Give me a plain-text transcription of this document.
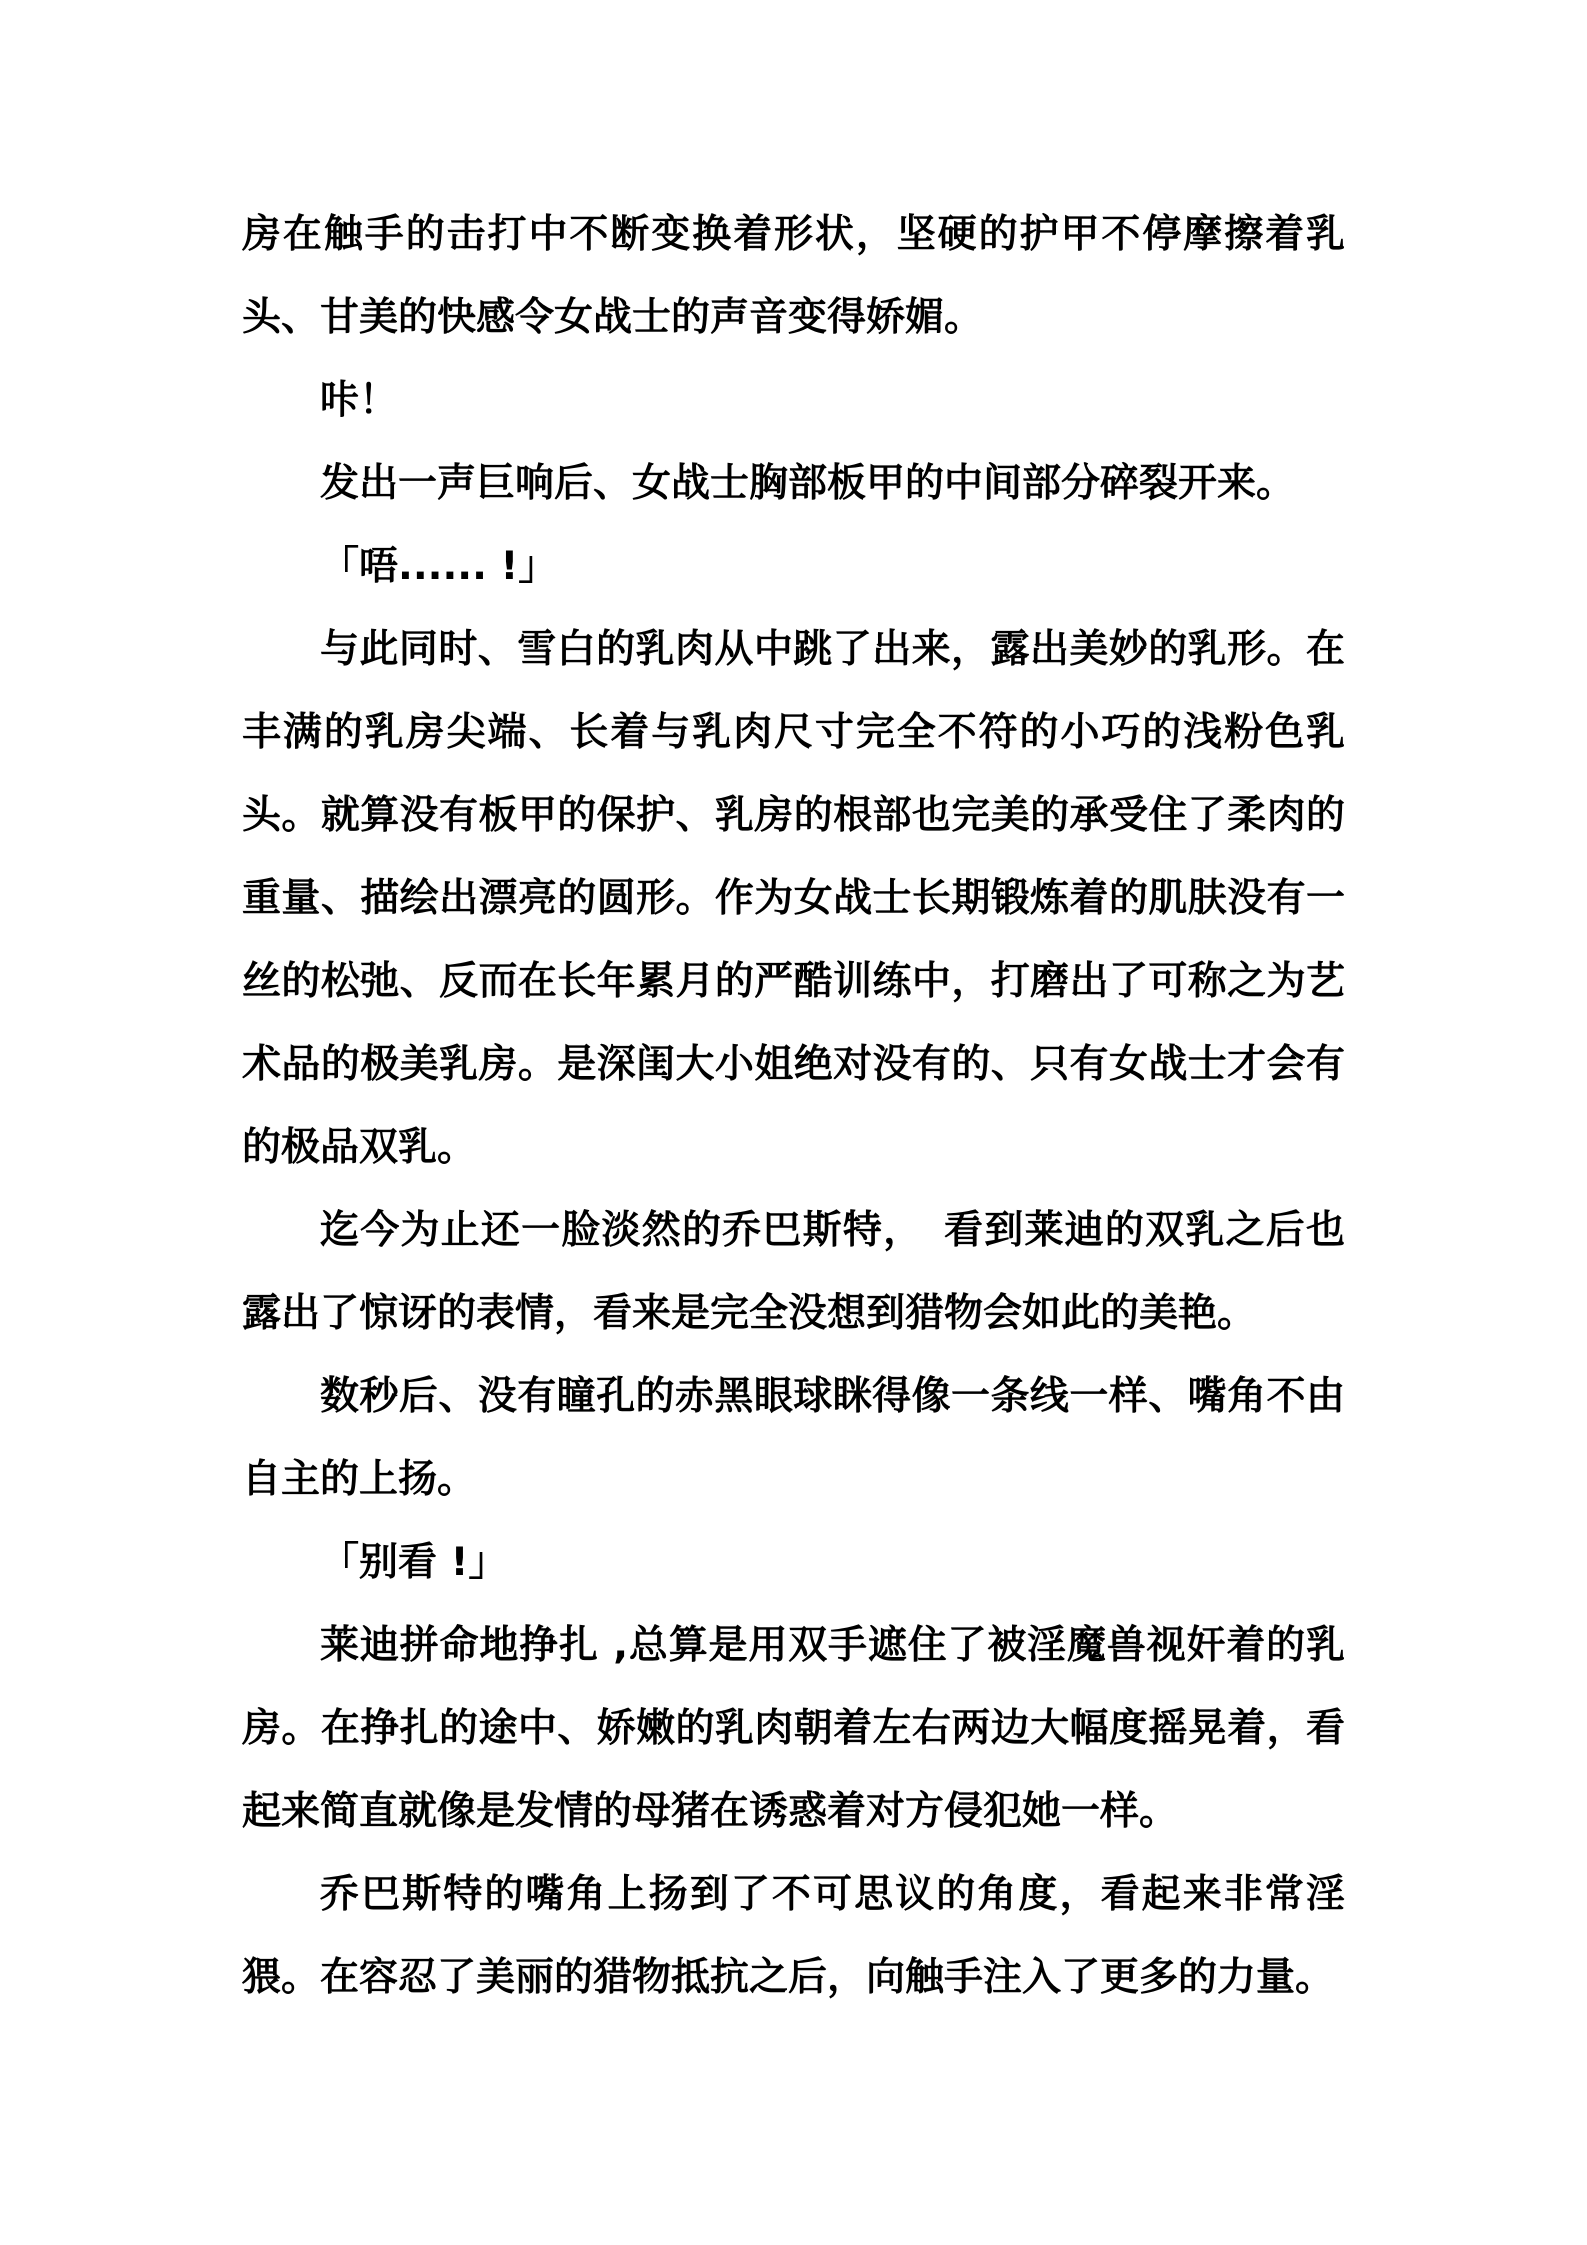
房在触手的击打中不断变换着形状，坚硬的护甲不停摩擦着乳
头、甘美的快感令女战士的声音变得娇媚。
咔！
发出一声巨响后、女战士胸部板甲的中间部分碎裂开来。
「唔...... !」
与此同时、雪白的乳肉从中跳了出来，露出美妙的乳形。在
丰满的乳房尖端、长着与乳肉尺寸完全不符的小巧的浅粉色乳
头。就算没有板甲的保护、乳房的根部也完美的承受住了柔肉的
重量、描绘出漂亮的圆形。作为女战士长期锻炼着的肌肤没有一
丝的松弛、反而在长年累月的严酷训练中，打磨出了可称之为艺
术品的极美乳房。是深闺大小姐绝对没有的、只有女战士才会有
的极品双乳。
迄今为止还一脸淡然的乔巴斯特，　看到莱迪的双乳之后也
露出了惊讶的表情，看来是完全没想到猎物会如此的美艳。
数秒后、没有瞳孔的赤黑眼球眯得像一条线一样、嘴角不由
自主的上扬。
「别看 !」
莱迪拼命地挣扎 ,总算是用双手遮住了被淫魔兽视奸着的乳
房。在挣扎的途中、娇嫩的乳肉朝着左右两边大幅度摇晃着，看
起来简直就像是发情的母猪在诱惑着对方侵犯她一样。
乔巴斯特的嘴角上扬到了不可思议的角度，看起来非常淫
猥。在容忍了美丽的猎物抵抗之后，向触手注入了更多的力量。
